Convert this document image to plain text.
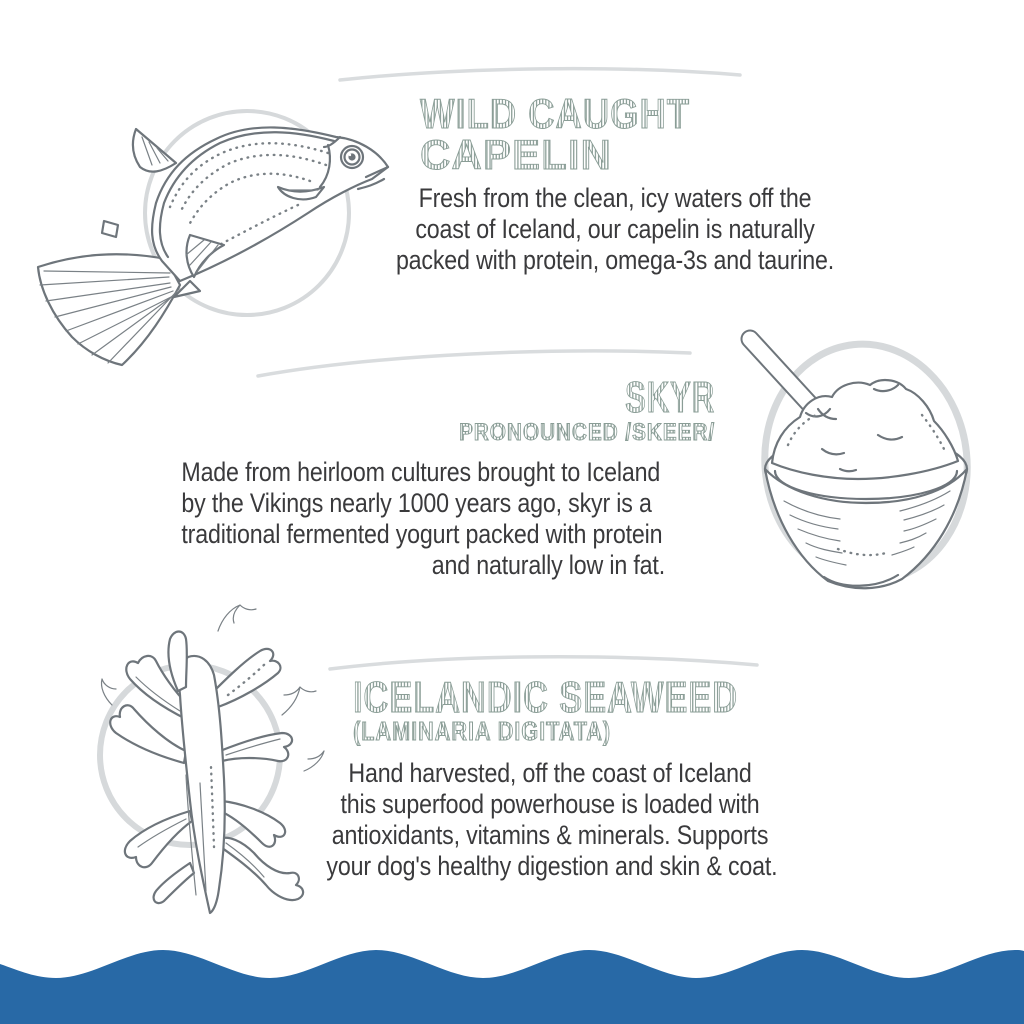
WILD CAUGHT
CAPELIN
Fresh from the clean, icy waters off the
coast of Iceland, our capelin is naturally
packed with protein, omega-3s and taurine.
SKYR
PRONOUNCED /SKEER/
Made from heirloom cultures brought to Iceland
by the Vikings nearly 1000 years ago, skyr is a
traditional fermented yogurt packed with protein
and naturally low in fat.
ICELANDIC SEAWEED
(LAMINARIA DIGITATA)
Hand harvested, off the coast of Iceland
this superfood powerhouse is loaded with
antioxidants, vitamins & minerals. Supports
your dog's healthy digestion and skin & coat.
